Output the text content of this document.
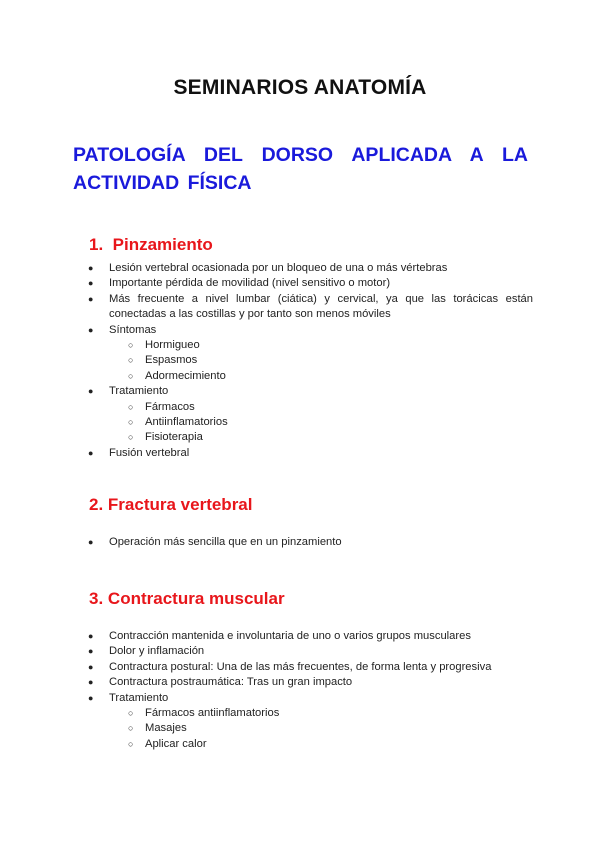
SEMINARIOS ANATOMÍA
PATOLOGÍA DEL DORSO APLICADA A LA ACTIVIDAD FÍSICA
1. Pinzamiento
● Lesión vertebral ocasionada por un bloqueo de una o más vértebras
● Importante pérdida de movilidad (nivel sensitivo o motor)
● Más frecuente a nivel lumbar (ciática) y cervical, ya que las torácicas están conectadas a las costillas y por tanto son menos móviles
● Síntomas
○ Hormigueo
○ Espasmos
○ Adormecimiento
● Tratamiento
○ Fármacos
○ Antiinflamatorios
○ Fisioterapia
● Fusión vertebral
2. Fractura vertebral
● Operación más sencilla que en un pinzamiento
3. Contractura muscular
● Contracción mantenida e involuntaria de uno o varios grupos musculares
● Dolor y inflamación
● Contractura postural: Una de las más frecuentes, de forma lenta y progresiva
● Contractura postraumática: Tras un gran impacto
● Tratamiento
○ Fármacos antiinflamatorios
○ Masajes
○ Aplicar calor
